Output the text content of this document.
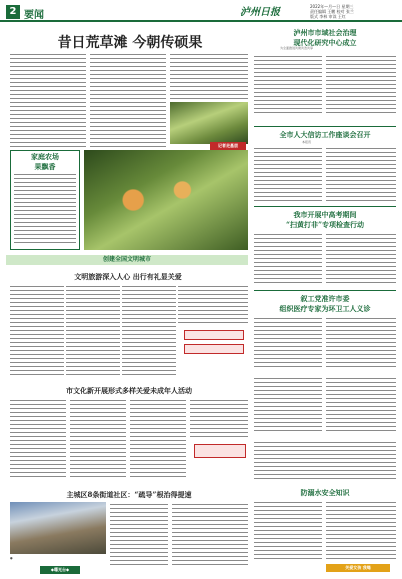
2 要闻	泸州日报
2022年—月—日 星期三
责任编辑 王鹏 校对 张兰
版式 李林 审读 王红
昔日荒草滩 今朝传硕果
记者走基层
家庭农场
果飘香
泸州市市域社会治理
现代化研究中心成立
为全面推进共建共治共享
全市人大信访工作座谈会召开
本报讯
我市开展中高考期间
“扫黄打非”专项检查行动
叙工党准许市委
组织医疗专家为环卫工人义诊
创建全国文明城市
文明旅游深入人心 出行有礼显关爱
市文化新开展形式多样关爱未成年人活动
主城区8条街道社区：“疏导”根治得提速
●
◆曝光台◆
防溺水安全知识
关爱女孩 我喝
